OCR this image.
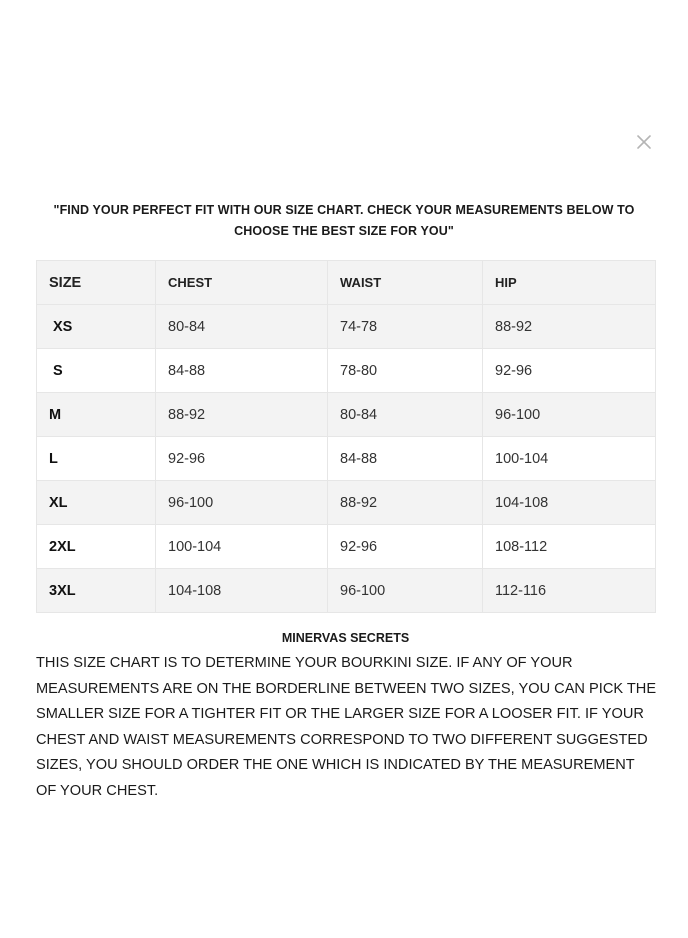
"FIND YOUR PERFECT FIT WITH OUR SIZE CHART. CHECK YOUR MEASUREMENTS BELOW TO CHOOSE THE BEST SIZE FOR YOU"
SIZE	CHEST	WAIST	HIP
XS	80-84	74-78	88-92
S	84-88	78-80	92-96
M	88-92	80-84	96-100
L	92-96	84-88	100-104
XL	96-100	88-92	104-108
2XL	100-104	92-96	108-112
3XL	104-108	96-100	112-116
MINERVAS SECRETS

THIS SIZE CHART IS TO DETERMINE YOUR BOURKINI SIZE. IF ANY OF YOUR MEASUREMENTS ARE ON THE BORDERLINE BETWEEN TWO SIZES, YOU CAN PICK THE SMALLER SIZE FOR A TIGHTER FIT OR THE LARGER SIZE FOR A LOOSER FIT. IF YOUR CHEST AND WAIST MEASUREMENTS CORRESPOND TO TWO DIFFERENT SUGGESTED SIZES, YOU SHOULD ORDER THE ONE WHICH IS INDICATED BY THE MEASUREMENT OF YOUR CHEST.
